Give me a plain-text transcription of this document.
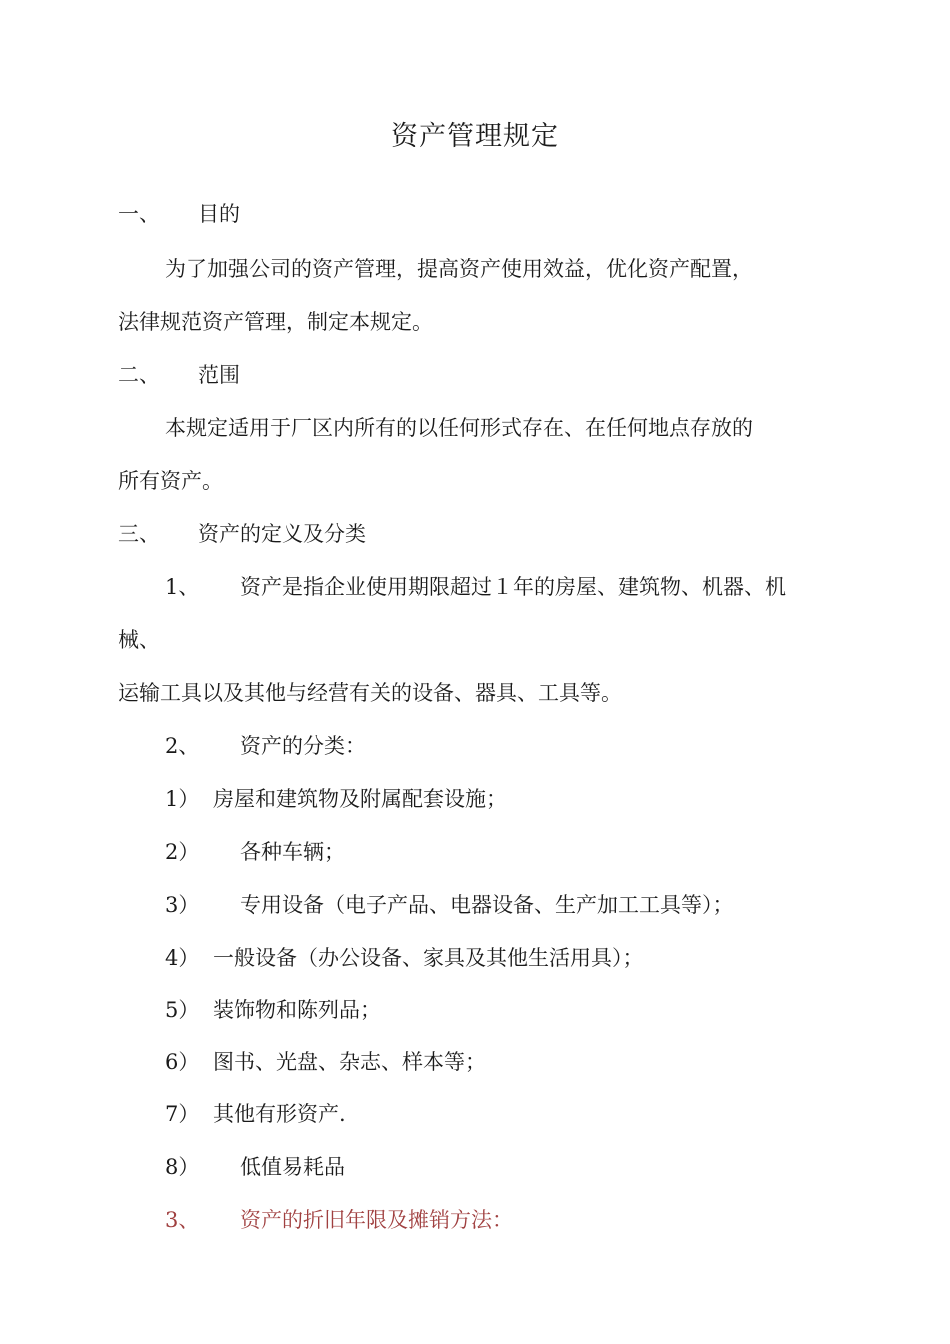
资产管理规定
一、 目的
为了加强公司的资产管理，提高资产使用效益，优化资产配置，
法律规范资产管理，制定本规定。
二、 范围
本规定适用于厂区内所有的以任何形式存在、在任何地点存放的
所有资产。
三、 资产的定义及分类
1、 资产是指企业使用期限超过１年的房屋、建筑物、机器、机
械、
运输工具以及其他与经营有关的设备、器具、工具等。
2、 资产的分类：
1） 房屋和建筑物及附属配套设施；
2） 各种车辆；
3） 专用设备（电子产品、电器设备、生产加工工具等）；
4） 一般设备（办公设备、家具及其他生活用具）；
5） 装饰物和陈列品；
6） 图书、光盘、杂志、样本等；
7） 其他有形资产.
8） 低值易耗品
3、 资产的折旧年限及摊销方法：
